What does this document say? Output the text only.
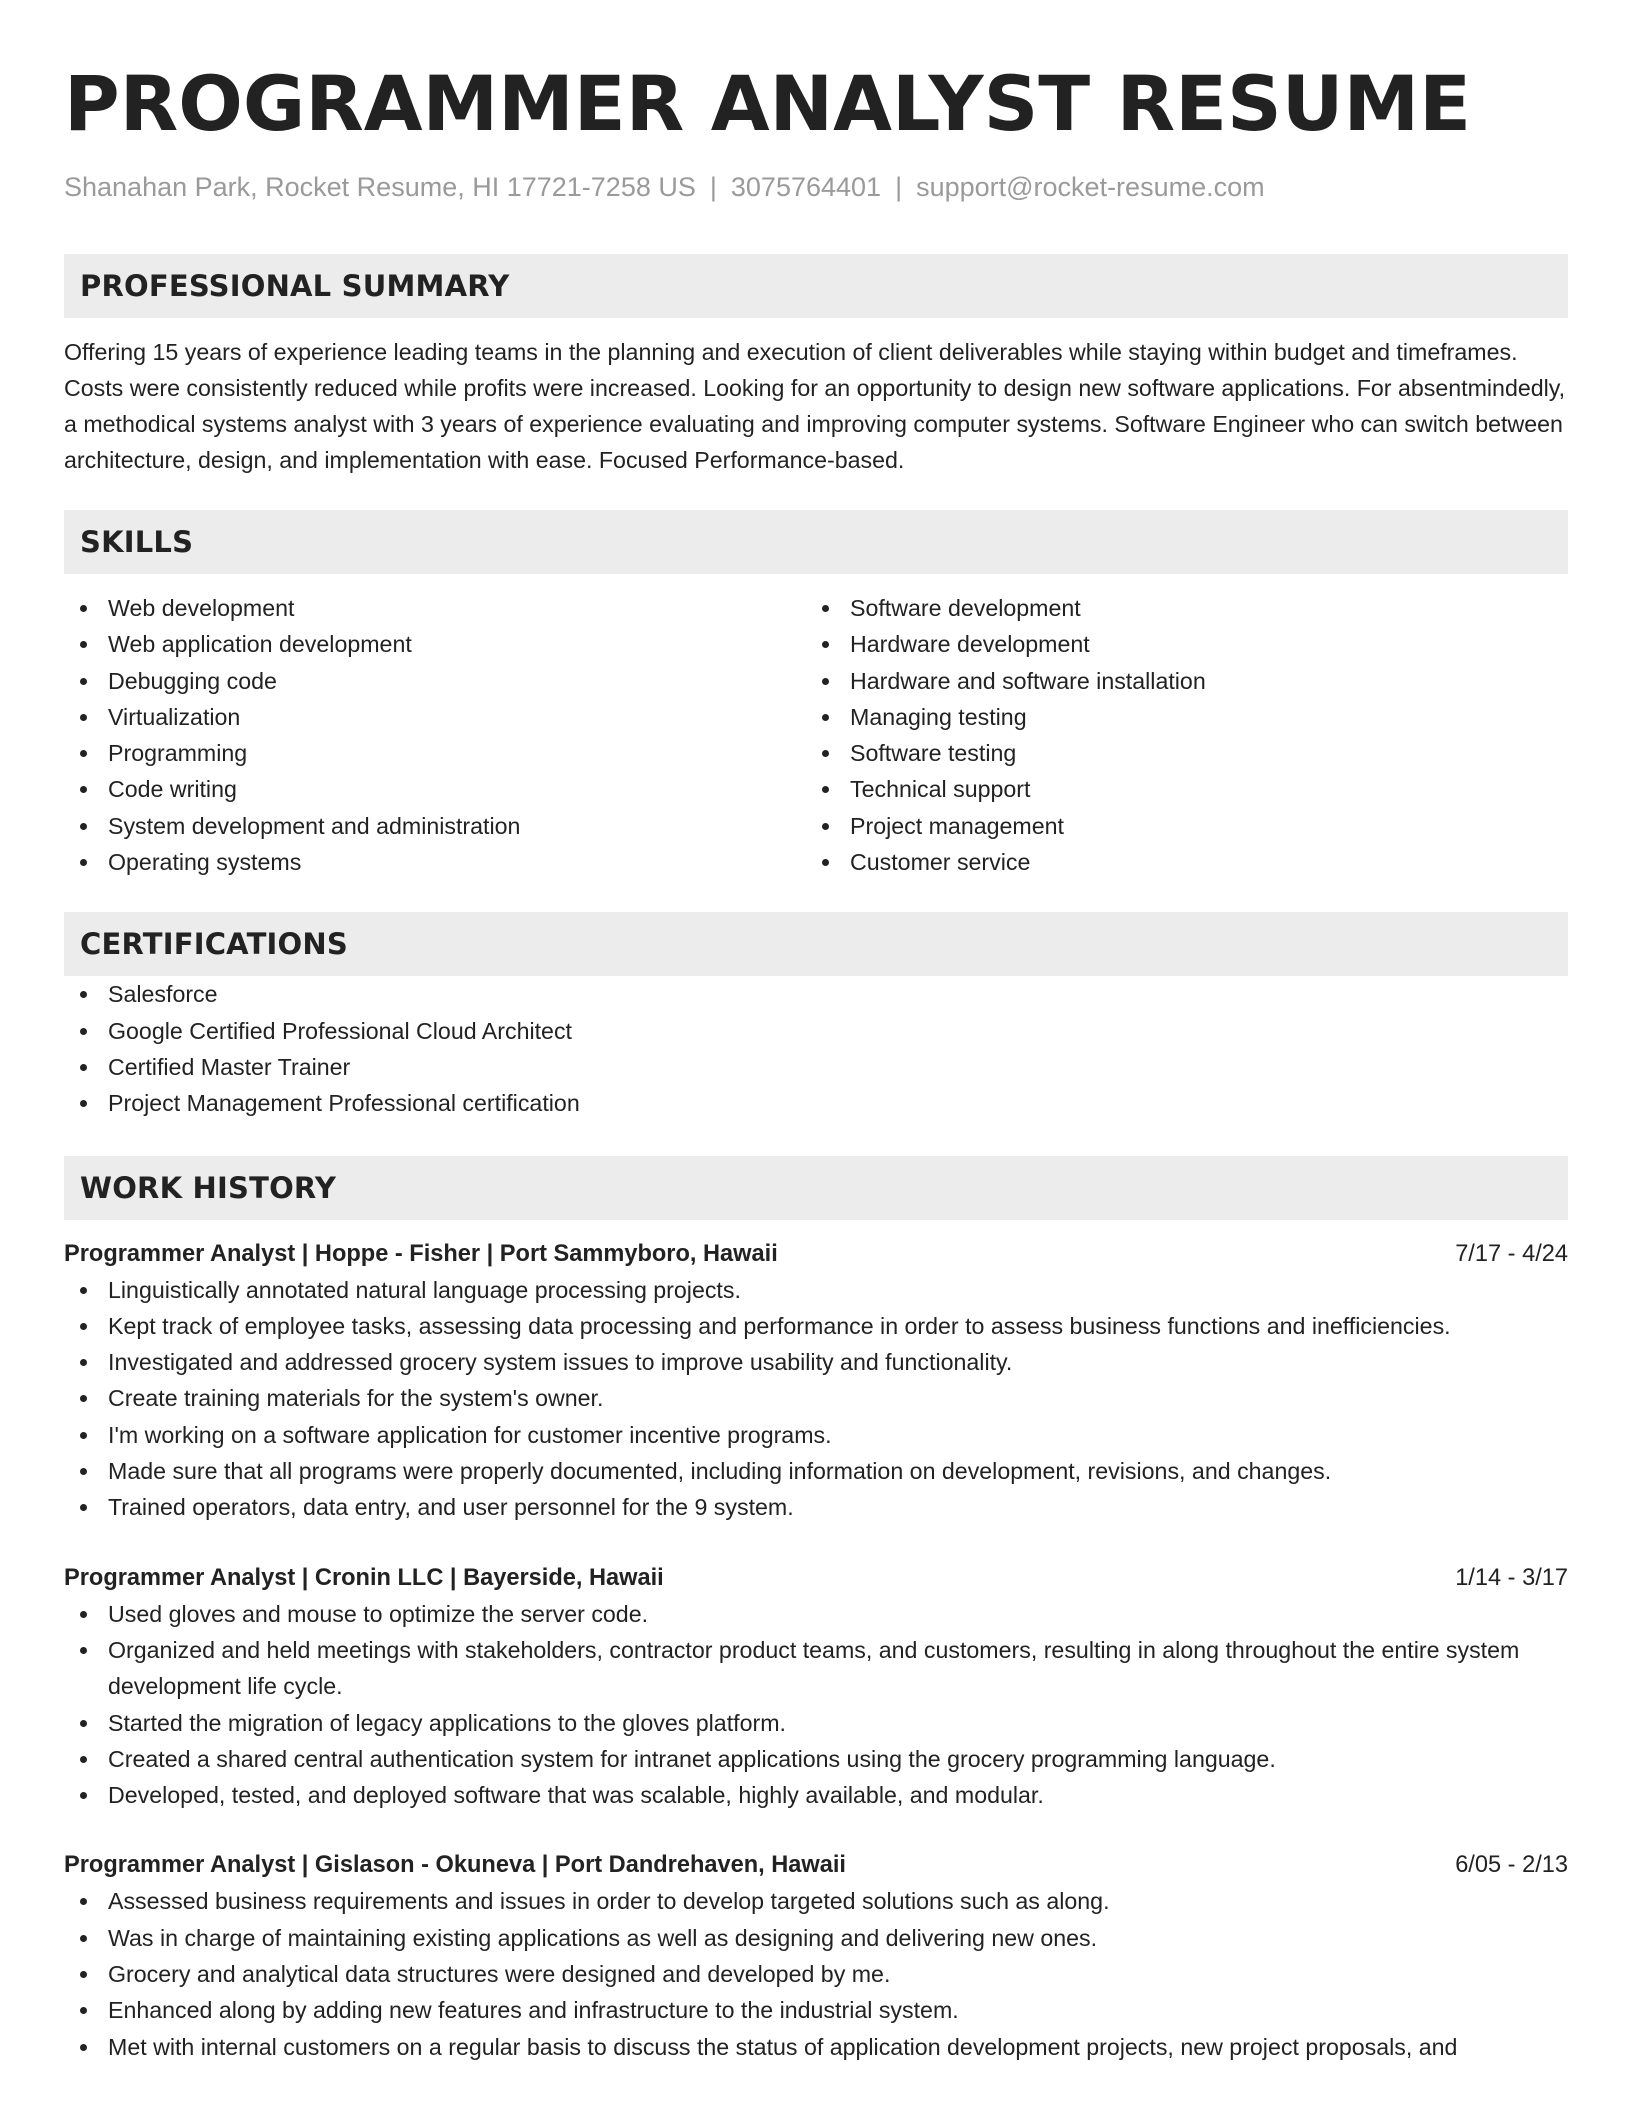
PROGRAMMER ANALYST RESUME
Shanahan Park, Rocket Resume, HI 17721-7258 US | 3075764401 | support@rocket-resume.com
PROFESSIONAL SUMMARY

Offering 15 years of experience leading teams in the planning and execution of client deliverables while staying within budget and timeframes. Costs were consistently reduced while profits were increased. Looking for an opportunity to design new software applications. For absentmindedly, a methodical systems analyst with 3 years of experience evaluating and improving computer systems. Software Engineer who can switch between architecture, design, and implementation with ease. Focused Performance-based.

SKILLS
Web development
Web application development
Debugging code
Virtualization
Programming
Code writing
System development and administration
Operating systems
Software development
Hardware development
Hardware and software installation
Managing testing
Software testing
Technical support
Project management
Customer service
CERTIFICATIONS
Salesforce
Google Certified Professional Cloud Architect
Certified Master Trainer
Project Management Professional certification
WORK HISTORY
Programmer Analyst | Hoppe - Fisher | Port Sammyboro, Hawaii	7/17 - 4/24
Linguistically annotated natural language processing projects.
Kept track of employee tasks, assessing data processing and performance in order to assess business functions and inefficiencies.
Investigated and addressed grocery system issues to improve usability and functionality.
Create training materials for the system's owner.
I'm working on a software application for customer incentive programs.
Made sure that all programs were properly documented, including information on development, revisions, and changes.
Trained operators, data entry, and user personnel for the 9 system.
Programmer Analyst | Cronin LLC | Bayerside, Hawaii	1/14 - 3/17
Used gloves and mouse to optimize the server code.
Organized and held meetings with stakeholders, contractor product teams, and customers, resulting in along throughout the entire system development life cycle.
Started the migration of legacy applications to the gloves platform.
Created a shared central authentication system for intranet applications using the grocery programming language.
Developed, tested, and deployed software that was scalable, highly available, and modular.
Programmer Analyst | Gislason - Okuneva | Port Dandrehaven, Hawaii	6/05 - 2/13
Assessed business requirements and issues in order to develop targeted solutions such as along.
Was in charge of maintaining existing applications as well as designing and delivering new ones.
Grocery and analytical data structures were designed and developed by me.
Enhanced along by adding new features and infrastructure to the industrial system.
Met with internal customers on a regular basis to discuss the status of application development projects, new project proposals, and
